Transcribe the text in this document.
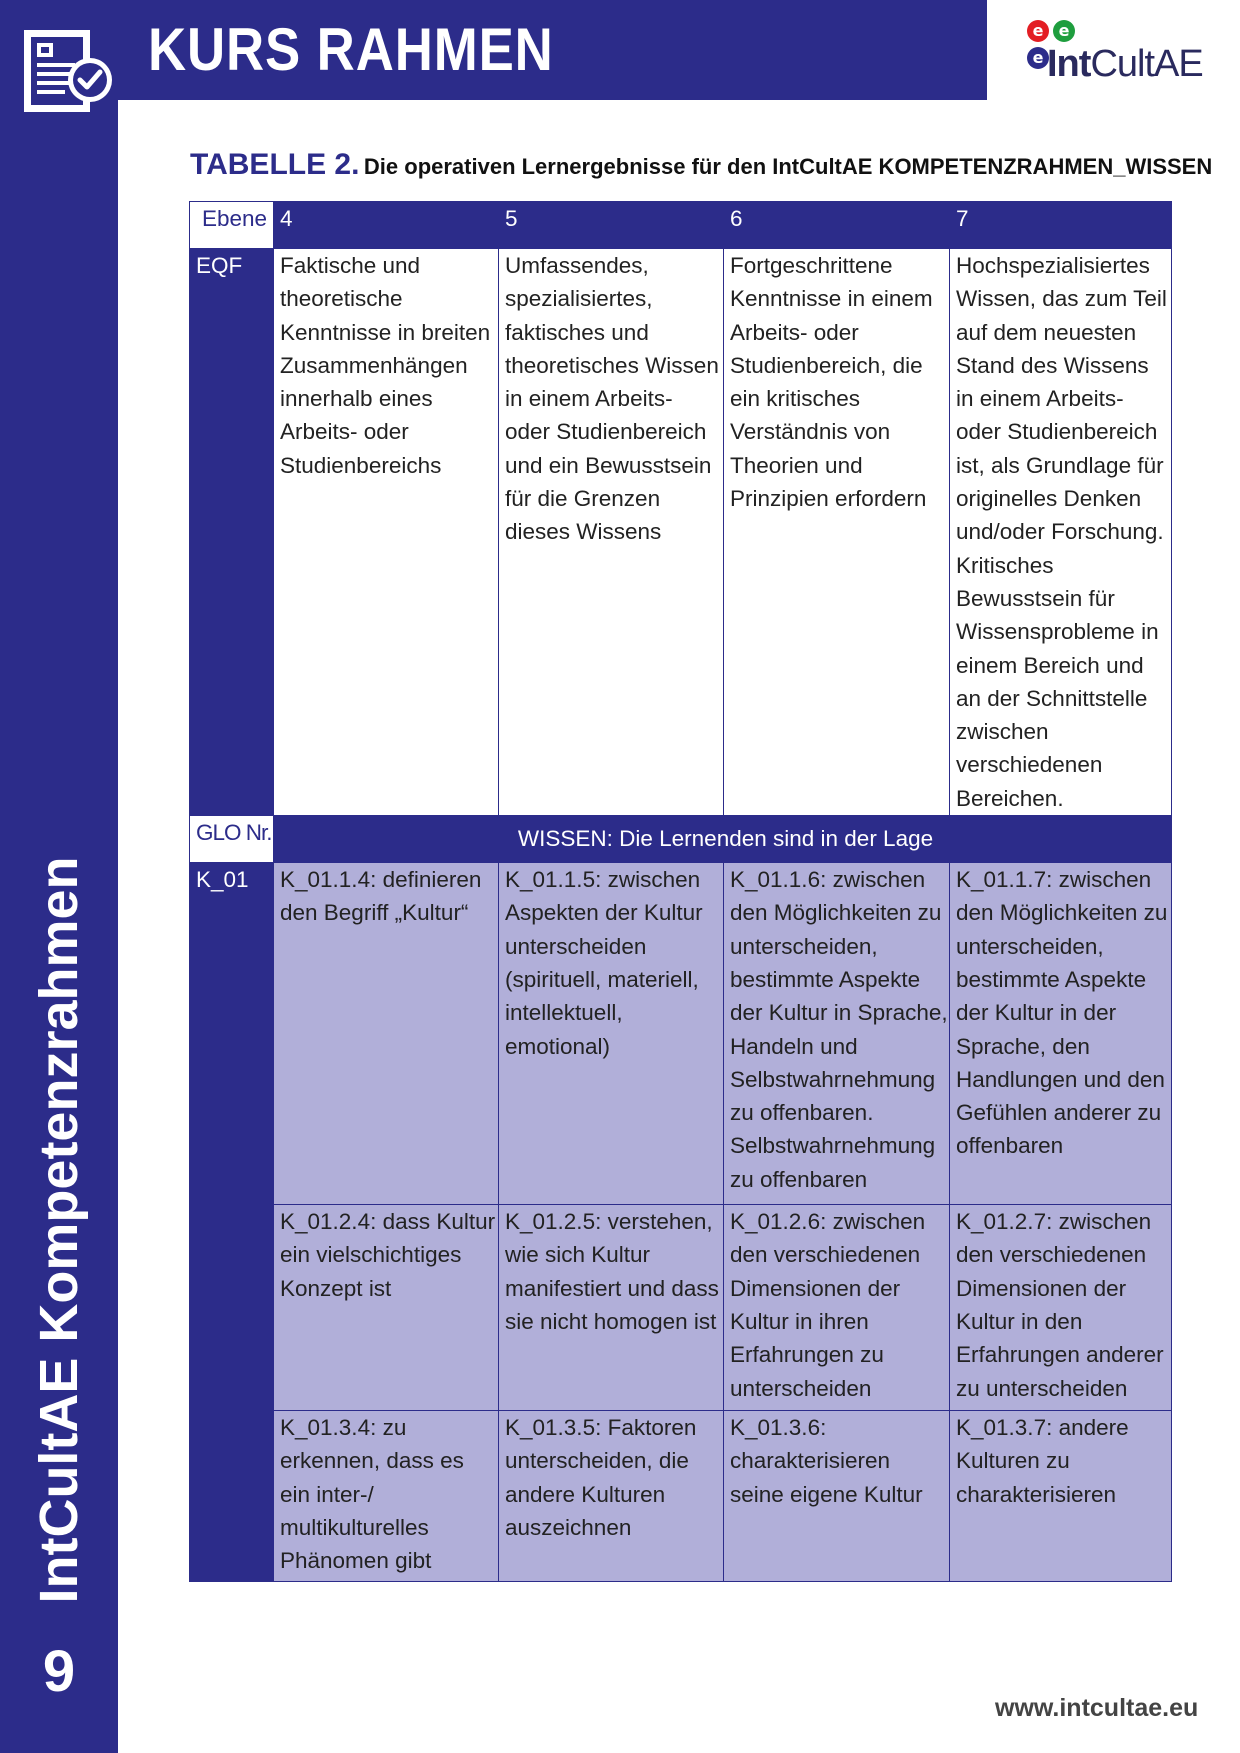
KURS RAHMEN	e e
e IntCultAE
IntCultAE Kompetenzrahmen
9
TABELLE 2. Die operativen Lernergebnisse für den IntCultAE KOMPETENZRAHMEN_WISSEN
Ebene	4	5	6	7
EQF	Faktische und theoretische Kenntnisse in breiten Zusammenhängen innerhalb eines Arbeits- oder Studienbereichs	Umfassendes, spezialisiertes, faktisches und theoretisches Wissen in einem Arbeits- oder Studienbereich und ein Bewusstsein für die Grenzen dieses Wissens	Fortgeschrittene Kenntnisse in einem Arbeits- oder Studienbereich, die ein kritisches Verständnis von Theorien und Prinzipien erfordern	Hochspezialisiertes Wissen, das zum Teil auf dem neuesten Stand des Wissens in einem Arbeits- oder Studienbereich ist, als Grundlage für originelles Denken und/oder Forschung. Kritisches Bewusstsein für Wissensprobleme in einem Bereich und an der Schnittstelle zwischen verschiedenen Bereichen.
GLO Nr.	WISSEN: Die Lernenden sind in der Lage			
K_01	K_01.1.4: definieren den Begriff „Kultur“	K_01.1.5: zwischen Aspekten der Kultur unterscheiden (spirituell, materiell, intellektuell, emotional)	K_01.1.6: zwischen den Möglichkeiten zu unterscheiden, bestimmte Aspekte der Kultur in Sprache, Handeln und Selbstwahrnehmung zu offenbaren. Selbstwahrnehmung zu offenbaren	K_01.1.7: zwischen den Möglichkeiten zu unterscheiden, bestimmte Aspekte der Kultur in der Sprache, den Handlungen und den Gefühlen anderer zu offenbaren
	K_01.2.4: dass Kultur ein vielschichtiges Konzept ist	K_01.2.5: verstehen, wie sich Kultur manifestiert und dass sie nicht homogen ist	K_01.2.6: zwischen den verschiedenen Dimensionen der Kultur in ihren Erfahrungen zu unterscheiden	K_01.2.7: zwischen den verschiedenen Dimensionen der Kultur in den Erfahrungen anderer zu unterscheiden
	K_01.3.4: zu erkennen, dass es ein inter-/ multikulturelles Phänomen gibt	K_01.3.5: Faktoren unterscheiden, die andere Kulturen auszeichnen	K_01.3.6: charakterisieren seine eigene Kultur	K_01.3.7: andere Kulturen zu charakterisieren
www.intcultae.eu
